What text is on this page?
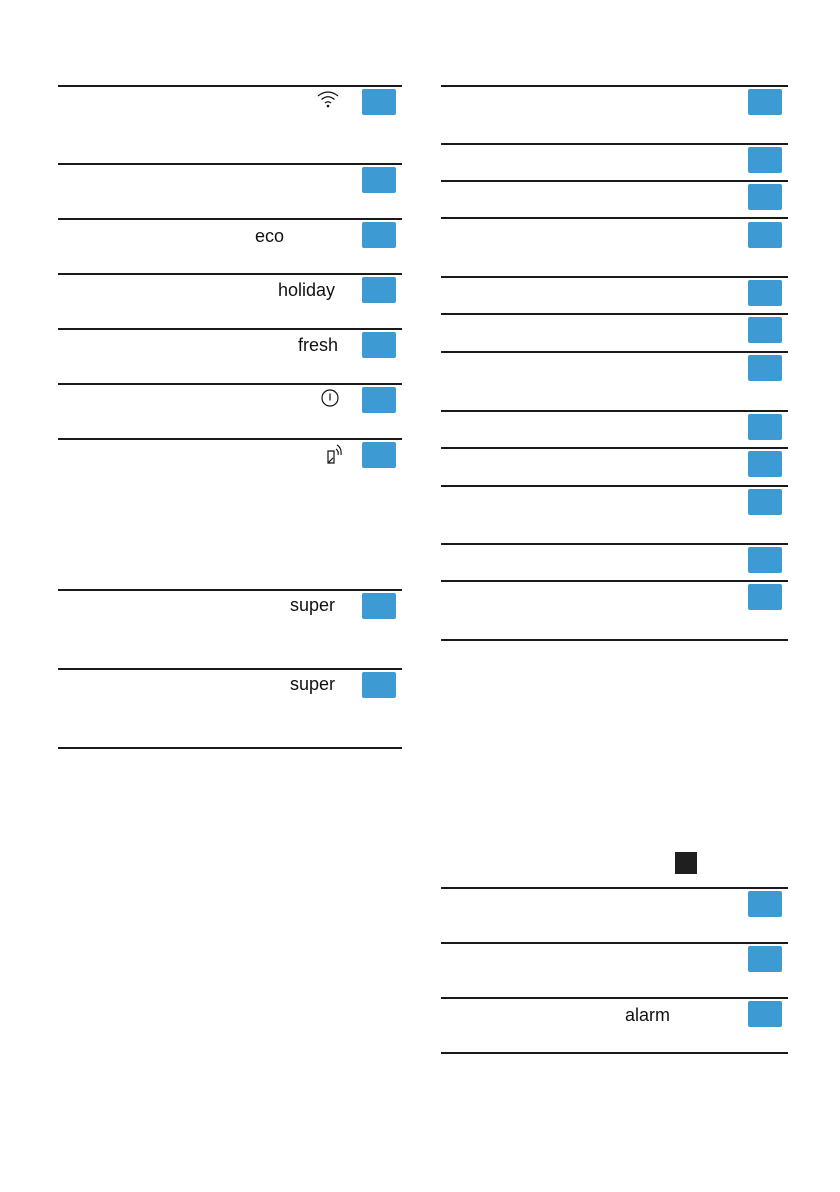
eco
holiday
fresh
super
super
alarm
